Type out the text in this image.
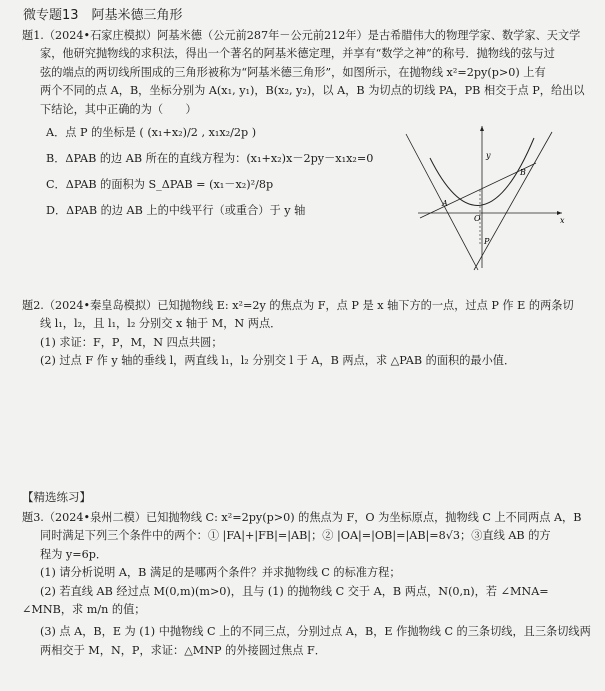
微专题13　阿基米德三角形

题1.（2024•石家庄模拟）阿基米德（公元前287年－公元前212年）是古希腊伟大的物理学家、数学家、天文学

家，他研究抛物线的求积法，得出一个著名的阿基米德定理，并享有“数学之神”的称号．抛物线的弦与过

弦的端点的两切线所围成的三角形被称为“阿基米德三角形”，如图所示，在抛物线 x²=2py(p>0) 上有

两个不同的点 A，B，坐标分别为 A(x₁, y₁)，B(x₂, y₂)，以 A，B 为切点的切线 PA，PB 相交于点 P，给出以

下结论，其中正确的为（　　）

A．点 P 的坐标是 ( (x₁+x₂)/2 , x₁x₂/2p )
B．ΔPAB 的边 AB 所在的直线方程为：(x₁+x₂)x－2py－x₁x₂=0
C．ΔPAB 的面积为 S_ΔPAB = (x₁－x₂)²/8p
D．ΔPAB 的边 AB 上的中线平行（或重合）于 y 轴
y
x
A
B
O
P

题2.（2024•秦皇岛模拟）已知抛物线 E: x²=2y 的焦点为 F，点 P 是 x 轴下方的一点，过点 P 作 E 的两条切

线 l₁，l₂，且 l₁，l₂ 分别交 x 轴于 M，N 两点．

(1) 求证：F，P，M，N 四点共圆；

(2) 过点 F 作 y 轴的垂线 l，两直线 l₁，l₂ 分别交 l 于 A，B 两点，求 △PAB 的面积的最小值．

【精选练习】

题3.（2024•泉州二模）已知抛物线 C: x²=2py(p>0) 的焦点为 F，O 为坐标原点，抛物线 C 上不同两点 A，B

同时满足下列三个条件中的两个：① |FA|+|FB|=|AB|；② |OA|=|OB|=|AB|=8√3；③直线 AB 的方

程为 y=6p．

(1) 请分析说明 A，B 满足的是哪两个条件？并求抛物线 C 的标准方程；

(2) 若直线 AB 经过点 M(0,m)(m>0)，且与 (1) 的抛物线 C 交于 A，B 两点，N(0,n)，若 ∠MNA=

∠MNB，求 m/n 的值；

(3) 点 A，B，E 为 (1) 中抛物线 C 上的不同三点，分别过点 A，B，E 作抛物线 C 的三条切线，且三条切线两

两相交于 M，N，P，求证：△MNP 的外接圆过焦点 F．
